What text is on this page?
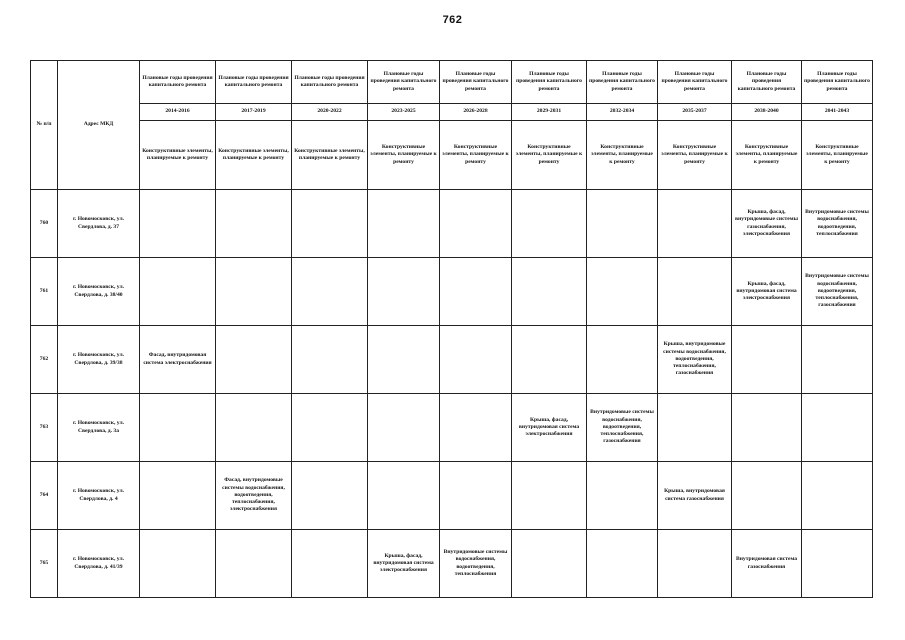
762
№ п/п	Адрес МКД	Плановые годы проведения капитального ремонта	Плановые годы проведения капитального ремонта	Плановые годы проведения капитального ремонта	Плановые годы проведения капитального ремонта	Плановые годы проведения капитального ремонта	Плановые годы проведения капитального ремонта	Плановые годы проведения капитального ремонта	Плановые годы проведения капитального ремонта	Плановые годы проведения капитального ремонта	Плановые годы проведения капитального ремонта
		2014-2016	2017-2019	2020-2022	2023-2025	2026-2028	2029-2031	2032-2034	2035-2037	2038-2040	2041-2043
		Конструктивные элементы, планируемые к ремонту	Конструктивные элементы, планируемые к ремонту	Конструктивные элементы, планируемые к ремонту	Конструктивные элементы, планируемые к ремонту	Конструктивные элементы, планируемые к ремонту	Конструктивные элементы, планируемые к ремонту	Конструктивные элементы, планируемые к ремонту	Конструктивные элементы, планируемые к ремонту	Конструктивные элементы, планируемые к ремонту	Конструктивные элементы, планируемые к ремонту
760	г. Новомосковск, ул. Свердлова, д. 37									Крыша, фасад, внутридомовые системы газоснабжения, электроснабжения	Внутридомовые системы водоснабжения, водоотведения, теплоснабжения
761	г. Новомосковск, ул. Свердлова, д. 38/40									Крыша, фасад, внутридомовая система электроснабжения	Внутридомовые системы водоснабжения, водоотведения, теплоснабжения, газоснабжения
762	г. Новомосковск, ул. Свердлова, д. 39/38	Фасад, внутридомовая система электроснабжения							Крыша, внутридомовые системы водоснабжения, водоотведения, теплоснабжения, газоснабжения		
763	г. Новомосковск, ул. Свердлова, д. 3а						Крыша, фасад, внутридомовая система электроснабжения	Внутридомовые системы водоснабжения, водоотведения, теплоснабжения, газоснабжения			
764	г. Новомосковск, ул. Свердлова, д. 4		Фасад, внутридомовые системы водоснабжения, водоотведения, теплоснабжения, электроснабжения						Крыша, внутридомовая система газоснабжения		
765	г. Новомосковск, ул. Свердлова, д. 41/39				Крыша, фасад, внутридомовая система электроснабжения	Внутридомовые системы водоснабжения, водоотведения, теплоснабжения				Внутридомовая система газоснабжения	
